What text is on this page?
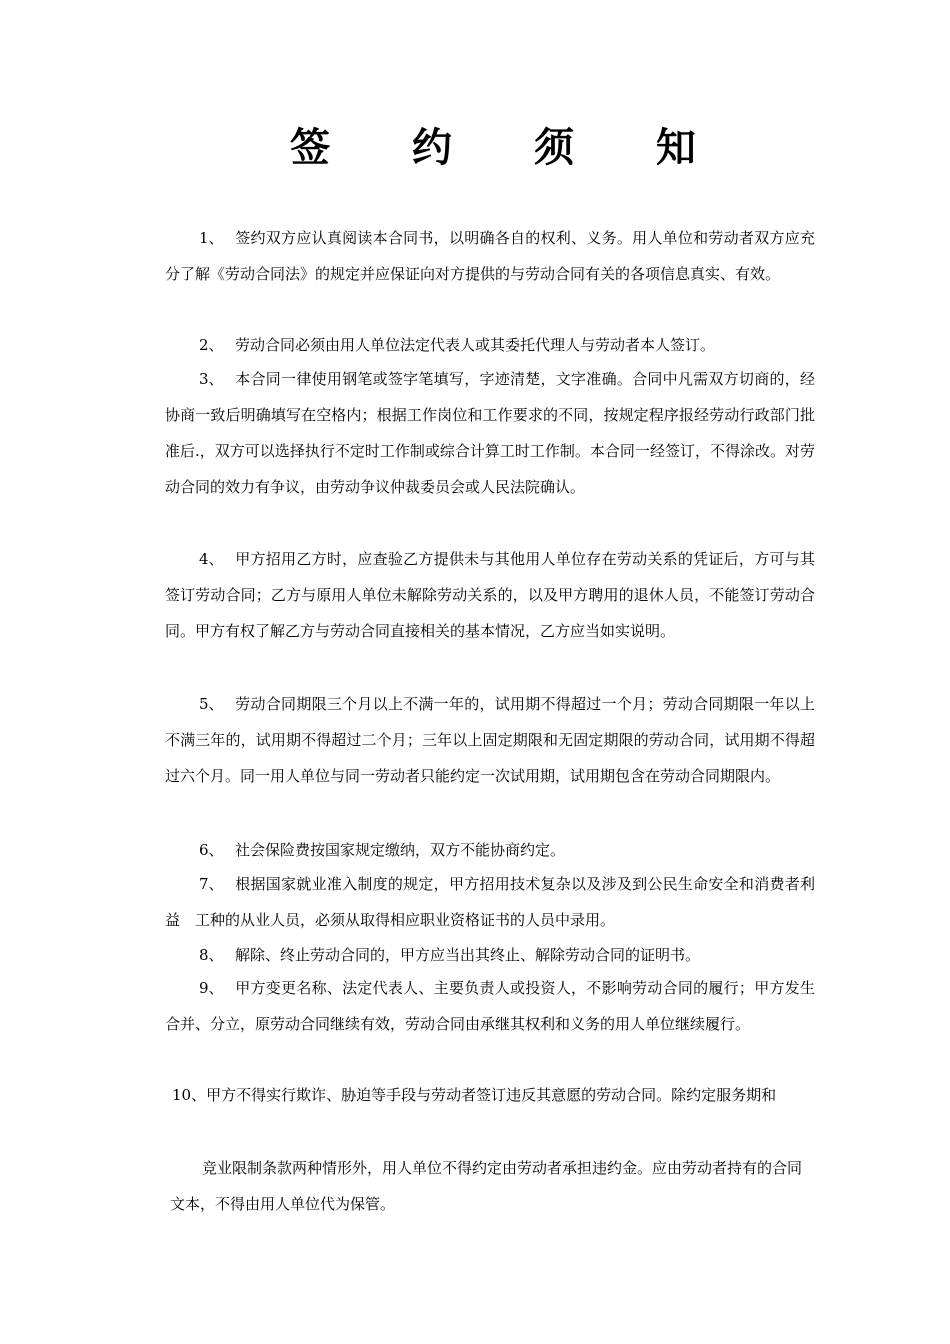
签 约 须 知
1、 签约双方应认真阅读本合同书，以明确各自的权利、义务。用人单位和劳动者双方应充分了解《劳动合同法》的规定并应保证向对方提供的与劳动合同有关的各项信息真实、有效。
2、 劳动合同必须由用人单位法定代表人或其委托代理人与劳动者本人签订。
3、 本合同一律使用钢笔或签字笔填写，字迹清楚，文字准确。合同中凡需双方切商的，经协商一致后明确填写在空格内；根据工作岗位和工作要求的不同，按规定程序报经劳动行政部门批准后.，双方可以选择执行不定时工作制或综合计算工时工作制。本合同一经签订，不得涂改。对劳动合同的效力有争议，由劳动争议仲裁委员会或人民法院确认。
4、 甲方招用乙方时，应查验乙方提供未与其他用人单位存在劳动关系的凭证后，方可与其签订劳动合同；乙方与原用人单位未解除劳动关系的，以及甲方聘用的退休人员，不能签订劳动合同。甲方有权了解乙方与劳动合同直接相关的基本情况，乙方应当如实说明。
5、 劳动合同期限三个月以上不满一年的，试用期不得超过一个月；劳动合同期限一年以上不满三年的，试用期不得超过二个月；三年以上固定期限和无固定期限的劳动合同，试用期不得超过六个月。同一用人单位与同一劳动者只能约定一次试用期，试用期包含在劳动合同期限内。
6、 社会保险费按国家规定缴纳，双方不能协商约定。
7、 根据国家就业准入制度的规定，甲方招用技术复杂以及涉及到公民生命安全和消费者利益　工种的从业人员，必须从取得相应职业资格证书的人员中录用。
8、 解除、终止劳动合同的，甲方应当出其终止、解除劳动合同的证明书。
9、 甲方变更名称、法定代表人、主要负责人或投资人，不影响劳动合同的履行；甲方发生合并、分立，原劳动合同继续有效，劳动合同由承继其权利和义务的用人单位继续履行。
10、甲方不得实行欺诈、胁迫等手段与劳动者签订违反其意愿的劳动合同。除约定服务期和
竞业限制条款两种情形外，用人单位不得约定由劳动者承担违约金。应由劳动者持有的合同文本，不得由用人单位代为保管。
